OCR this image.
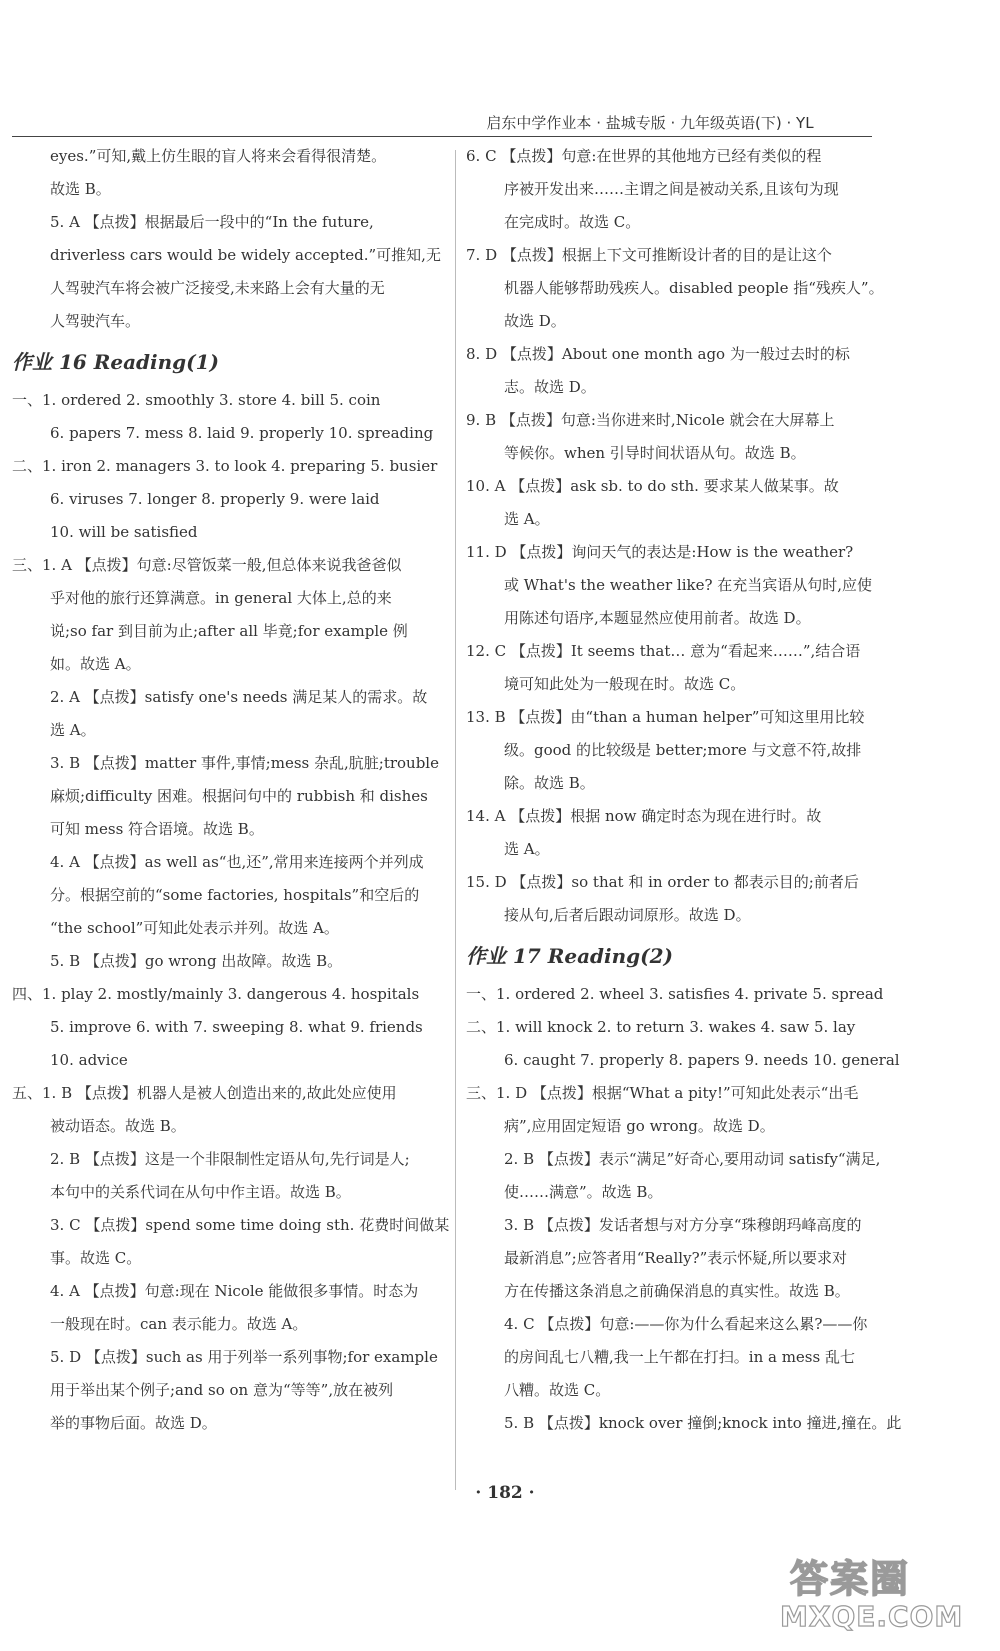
启东中学作业本 · 盐城专版 · 九年级英语(下) · YL
eyes.”可知,戴上仿生眼的盲人将来会看得很清楚。
故选 B。
5. A 【点拨】根据最后一段中的“In the future,
driverless cars would be widely accepted.”可推知,无
人驾驶汽车将会被广泛接受,未来路上会有大量的无
人驾驶汽车。
作业 16 Reading(1)
一、1. ordered 2. smoothly 3. store 4. bill 5. coin
6. papers 7. mess 8. laid 9. properly 10. spreading
二、1. iron 2. managers 3. to look 4. preparing 5. busier
6. viruses 7. longer 8. properly 9. were laid
10. will be satisfied
三、1. A 【点拨】句意:尽管饭菜一般,但总体来说我爸爸似
乎对他的旅行还算满意。in general 大体上,总的来
说;so far 到目前为止;after all 毕竟;for example 例
如。故选 A。
2. A 【点拨】satisfy one's needs 满足某人的需求。故
选 A。
3. B 【点拨】matter 事件,事情;mess 杂乱,肮脏;trouble
麻烦;difficulty 困难。根据问句中的 rubbish 和 dishes
可知 mess 符合语境。故选 B。
4. A 【点拨】as well as“也,还”,常用来连接两个并列成
分。根据空前的“some factories, hospitals”和空后的
“the school”可知此处表示并列。故选 A。
5. B 【点拨】go wrong 出故障。故选 B。
四、1. play 2. mostly/mainly 3. dangerous 4. hospitals
5. improve 6. with 7. sweeping 8. what 9. friends
10. advice
五、1. B 【点拨】机器人是被人创造出来的,故此处应使用
被动语态。故选 B。
2. B 【点拨】这是一个非限制性定语从句,先行词是人;
本句中的关系代词在从句中作主语。故选 B。
3. C 【点拨】spend some time doing sth. 花费时间做某
事。故选 C。
4. A 【点拨】句意:现在 Nicole 能做很多事情。时态为
一般现在时。can 表示能力。故选 A。
5. D 【点拨】such as 用于列举一系列事物;for example
用于举出某个例子;and so on 意为“等等”,放在被列
举的事物后面。故选 D。
6. C 【点拨】句意:在世界的其他地方已经有类似的程
序被开发出来……主谓之间是被动关系,且该句为现
在完成时。故选 C。
7. D 【点拨】根据上下文可推断设计者的目的是让这个
机器人能够帮助残疾人。disabled people 指“残疾人”。
故选 D。
8. D 【点拨】About one month ago 为一般过去时的标
志。故选 D。
9. B 【点拨】句意:当你进来时,Nicole 就会在大屏幕上
等候你。when 引导时间状语从句。故选 B。
10. A 【点拨】ask sb. to do sth. 要求某人做某事。故
选 A。
11. D 【点拨】询问天气的表达是:How is the weather?
或 What's the weather like? 在充当宾语从句时,应使
用陈述句语序,本题显然应使用前者。故选 D。
12. C 【点拨】It seems that… 意为“看起来……”,结合语
境可知此处为一般现在时。故选 C。
13. B 【点拨】由“than a human helper”可知这里用比较
级。good 的比较级是 better;more 与文意不符,故排
除。故选 B。
14. A 【点拨】根据 now 确定时态为现在进行时。故
选 A。
15. D 【点拨】so that 和 in order to 都表示目的;前者后
接从句,后者后跟动词原形。故选 D。
作业 17 Reading(2)
一、1. ordered 2. wheel 3. satisfies 4. private 5. spread
二、1. will knock 2. to return 3. wakes 4. saw 5. lay
6. caught 7. properly 8. papers 9. needs 10. general
三、1. D 【点拨】根据“What a pity!”可知此处表示“出毛
病”,应用固定短语 go wrong。故选 D。
2. B 【点拨】表示“满足”好奇心,要用动词 satisfy“满足,
使……满意”。故选 B。
3. B 【点拨】发话者想与对方分享“珠穆朗玛峰高度的
最新消息”;应答者用“Really?”表示怀疑,所以要求对
方在传播这条消息之前确保消息的真实性。故选 B。
4. C 【点拨】句意:——你为什么看起来这么累?——你
的房间乱七八糟,我一上午都在打扫。in a mess 乱七
八糟。故选 C。
5. B 【点拨】knock over 撞倒;knock into 撞进,撞在。此
· 182 ·
答案圈
MXQE.COM
